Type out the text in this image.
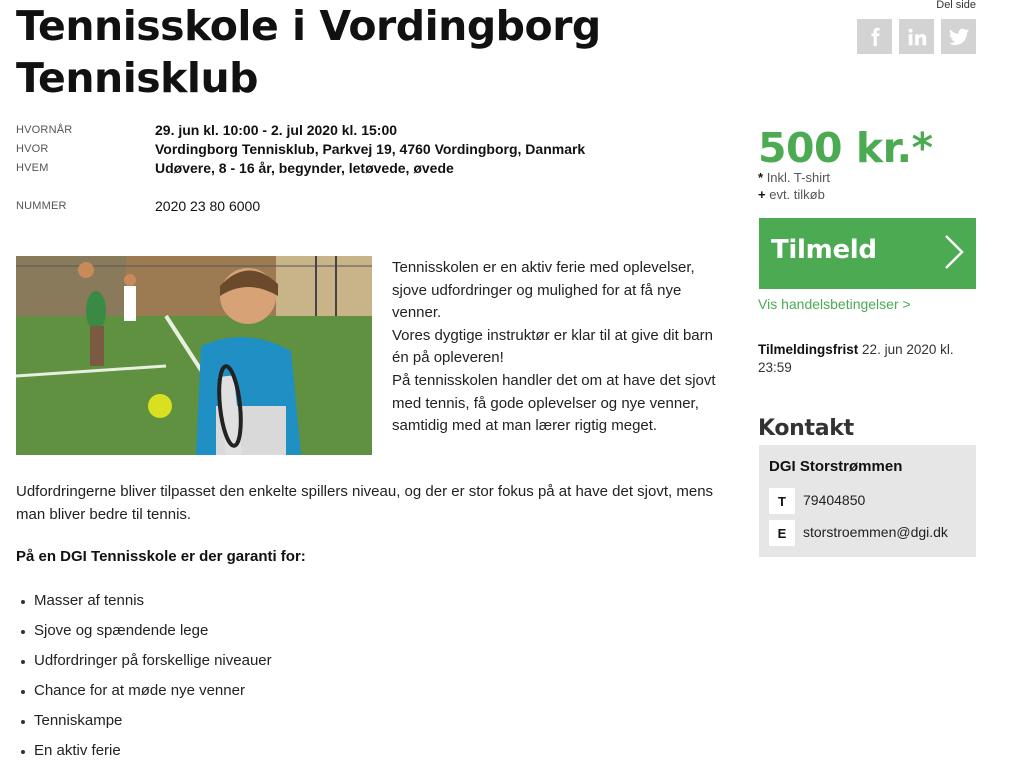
Tennisskole i Vordingborg
Tennisklub
Del side
HVORNÅR	29. jun kl. 10:00 - 2. jul 2020 kl. 15:00
HVOR	Vordingborg Tennisklub, Parkvej 19, 4760 Vordingborg, Danmark
HVEM	Udøvere, 8 - 16 år, begynder, letøvede, øvede
NUMMER	2020 23 80 6000

Tennisskolen er en aktiv ferie med oplevelser, sjove udfordringer og mulighed for at få nye venner.

Vores dygtige instruktør er klar til at give dit barn én på opleveren!

På tennisskolen handler det om at have det sjovt med tennis, få gode oplevelser og nye venner, samtidig med at man lærer rigtig meget.

Udfordringerne bliver tilpasset den enkelte spillers niveau, og der er stor fokus på at have det sjovt, mens man bliver bedre til tennis.

På en DGI Tennisskole er der garanti for:
Masser af tennis
Sjove og spændende lege
Udfordringer på forskellige niveauer
Chance for at møde nye venner
Tenniskampe
En aktiv ferie
500 kr.*
* Inkl. T-shirt
+ evt. tilkøb
Tilmeld
Vis handelsbetingelser >
Tilmeldingsfrist 22. jun 2020 kl. 23:59
Kontakt
DGI Storstrømmen
T	79404850
E	storstroemmen@dgi.dk
